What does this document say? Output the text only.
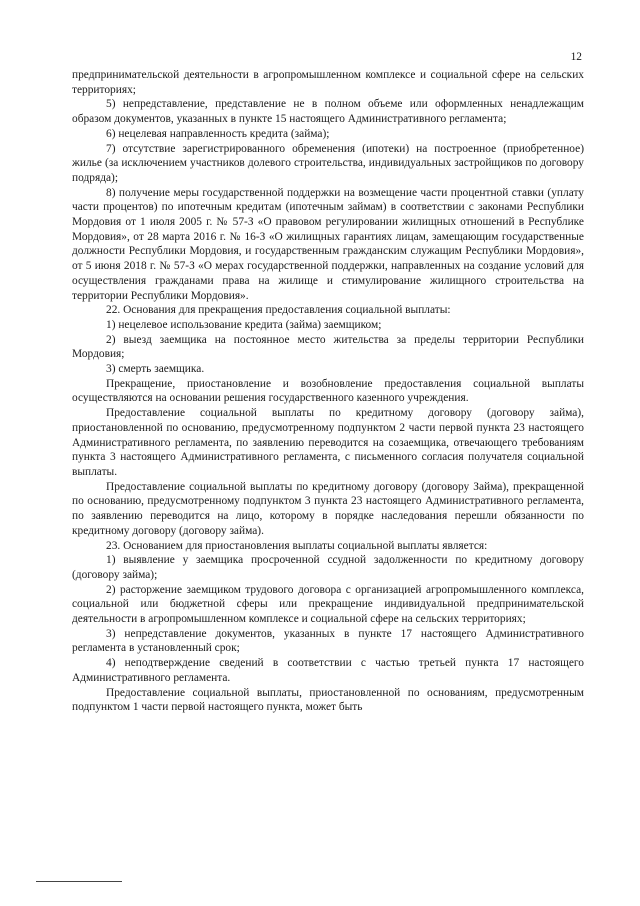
12

предпринимательской деятельности в агропромышленном комплексе и социальной сфере на сельских территориях;

5) непредставление, представление не в полном объеме или оформленных ненадлежащим образом документов, указанных в пункте 15 настоящего Административного регламента;

6) нецелевая направленность кредита (займа);

7) отсутствие зарегистрированного обременения (ипотеки) на построенное (приобретенное) жилье (за исключением участников долевого строительства, индивидуальных застройщиков по договору подряда);

8) получение меры государственной поддержки на возмещение части процентной ставки (уплату части процентов) по ипотечным кредитам (ипотечным займам) в соответствии с законами Республики Мордовия от 1 июля 2005 г. № 57-З «О правовом регулировании жилищных отношений в Республике Мордовия», от 28 марта 2016 г. № 16-З «О жилищных гарантиях лицам, замещающим государственные должности Республики Мордовия, и государственным гражданским служащим Республики Мордовия», от 5 июня 2018 г. № 57-З «О мерах государственной поддержки, направленных на создание условий для осуществления гражданами права на жилище и стимулирование жилищного строительства на территории Республики Мордовия».

22. Основания для прекращения предоставления социальной выплаты:

1) нецелевое использование кредита (займа) заемщиком;

2) выезд заемщика на постоянное место жительства за пределы территории Республики Мордовия;

3) смерть заемщика.

Прекращение, приостановление и возобновление предоставления социальной выплаты осуществляются на основании решения государственного казенного учреждения.

Предоставление социальной выплаты по кредитному договору (договору займа), приостановленной по основанию, предусмотренному подпунктом 2 части первой пункта 23 настоящего Административного регламента, по заявлению переводится на созаемщика, отвечающего требованиям пункта 3 настоящего Административного регламента, с письменного согласия получателя социальной выплаты.

Предоставление социальной выплаты по кредитному договору (договору Займа), прекращенной по основанию, предусмотренному подпунктом 3 пункта 23 настоящего Административного регламента, по заявлению переводится на лицо, которому в порядке наследования перешли обязанности по кредитному договору (договору займа).

23. Основанием для приостановления выплаты социальной выплаты является:

1) выявление у заемщика просроченной ссудной задолженности по кредитному договору (договору займа);

2) расторжение заемщиком трудового договора с организацией агропромышленного комплекса, социальной или бюджетной сферы или прекращение индивидуальной предпринимательской деятельности в агропромышленном комплексе и социальной сфере на сельских территориях;

3) непредставление документов, указанных в пункте 17 настоящего Административного регламента в установленный срок;

4) неподтверждение сведений в соответствии с частью третьей пункта 17 настоящего Административного регламента.

Предоставление социальной выплаты, приостановленной по основаниям, предусмотренным подпунктом 1 части первой настоящего пункта, может быть
